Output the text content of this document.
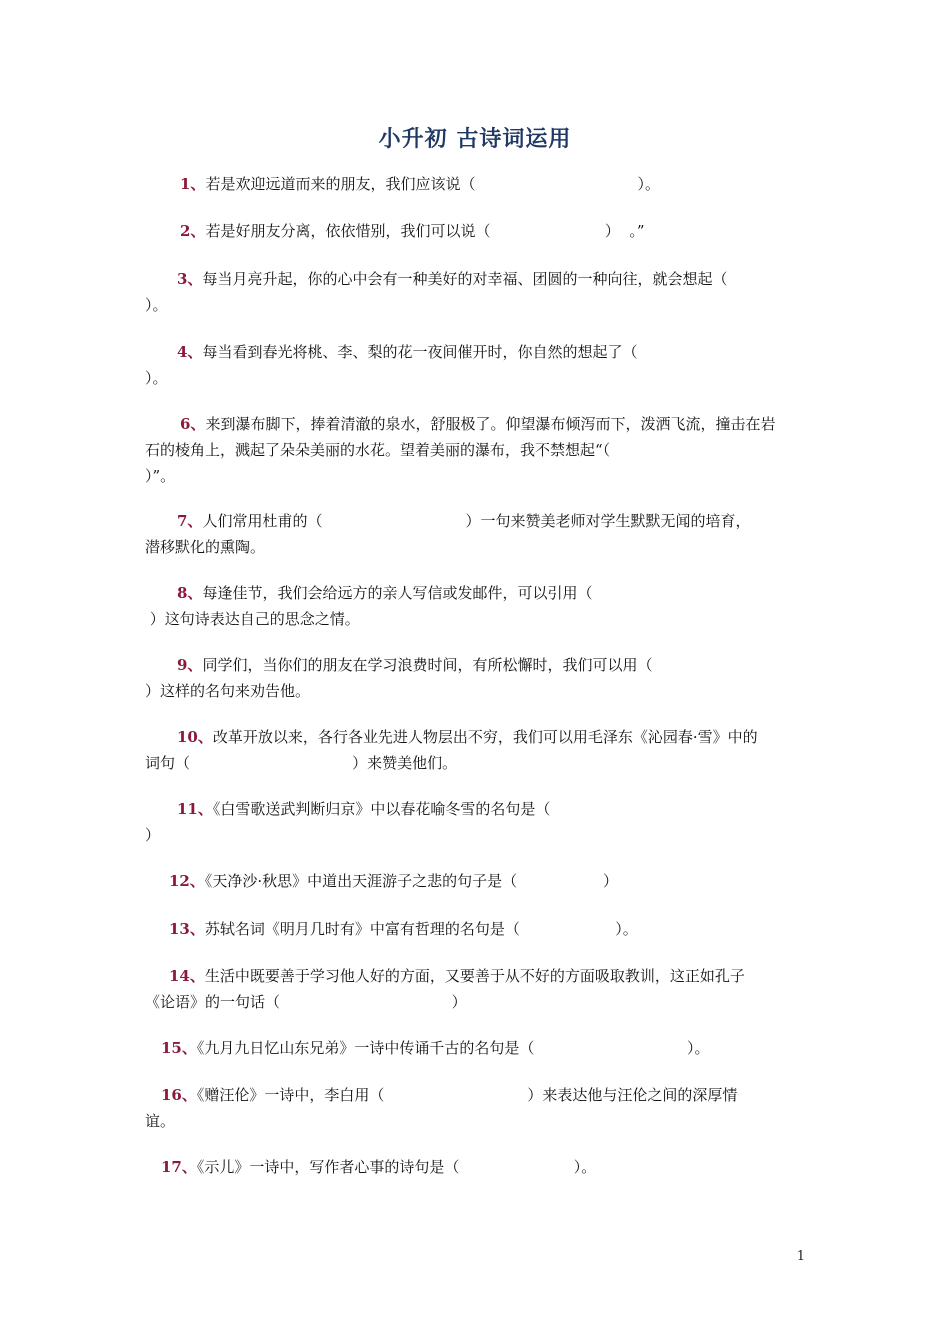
小升初 古诗词运用
1、若是欢迎远道而来的朋友，我们应该说（                                  ）。
2、若是好朋友分离，依依惜别，我们可以说（                        ）  。”
3、每当月亮升起，你的心中会有一种美好的对幸福、团圆的一种向往，就会想起（
）。
4、每当看到春光将桃、李、梨的花一夜间催开时，你自然的想起了（
）。
6、来到瀑布脚下，捧着清澈的泉水，舒服极了。仰望瀑布倾泻而下，泼洒飞流，撞击在岩
石的棱角上，溅起了朵朵美丽的水花。望着美丽的瀑布，我不禁想起“（
）”。
7、人们常用杜甫的（                              ）一句来赞美老师对学生默默无闻的培育，
潜移默化的熏陶。
8、每逢佳节，我们会给远方的亲人写信或发邮件，可以引用（
）这句诗表达自己的思念之情。
9、同学们，当你们的朋友在学习浪费时间，有所松懈时，我们可以用（
）这样的名句来劝告他。
10、改革开放以来，各行各业先进人物层出不穷，我们可以用毛泽东《沁园春·雪》中的
词句（                                  ）来赞美他们。
11、《白雪歌送武判断归京》中以春花喻冬雪的名句是（
）
12、《天净沙·秋思》中道出天涯游子之悲的句子是（                  ）
13、苏轼名词《明月几时有》中富有哲理的名句是（                    ）。
14、生活中既要善于学习他人好的方面，又要善于从不好的方面吸取教训，这正如孔子
《论语》的一句话（                                    ）
15、《九月九日忆山东兄弟》一诗中传诵千古的名句是（                                ）。
16、《赠汪伦》一诗中，李白用（                              ）来表达他与汪伦之间的深厚情
谊。
17、《示儿》一诗中，写作者心事的诗句是（                        ）。
1
